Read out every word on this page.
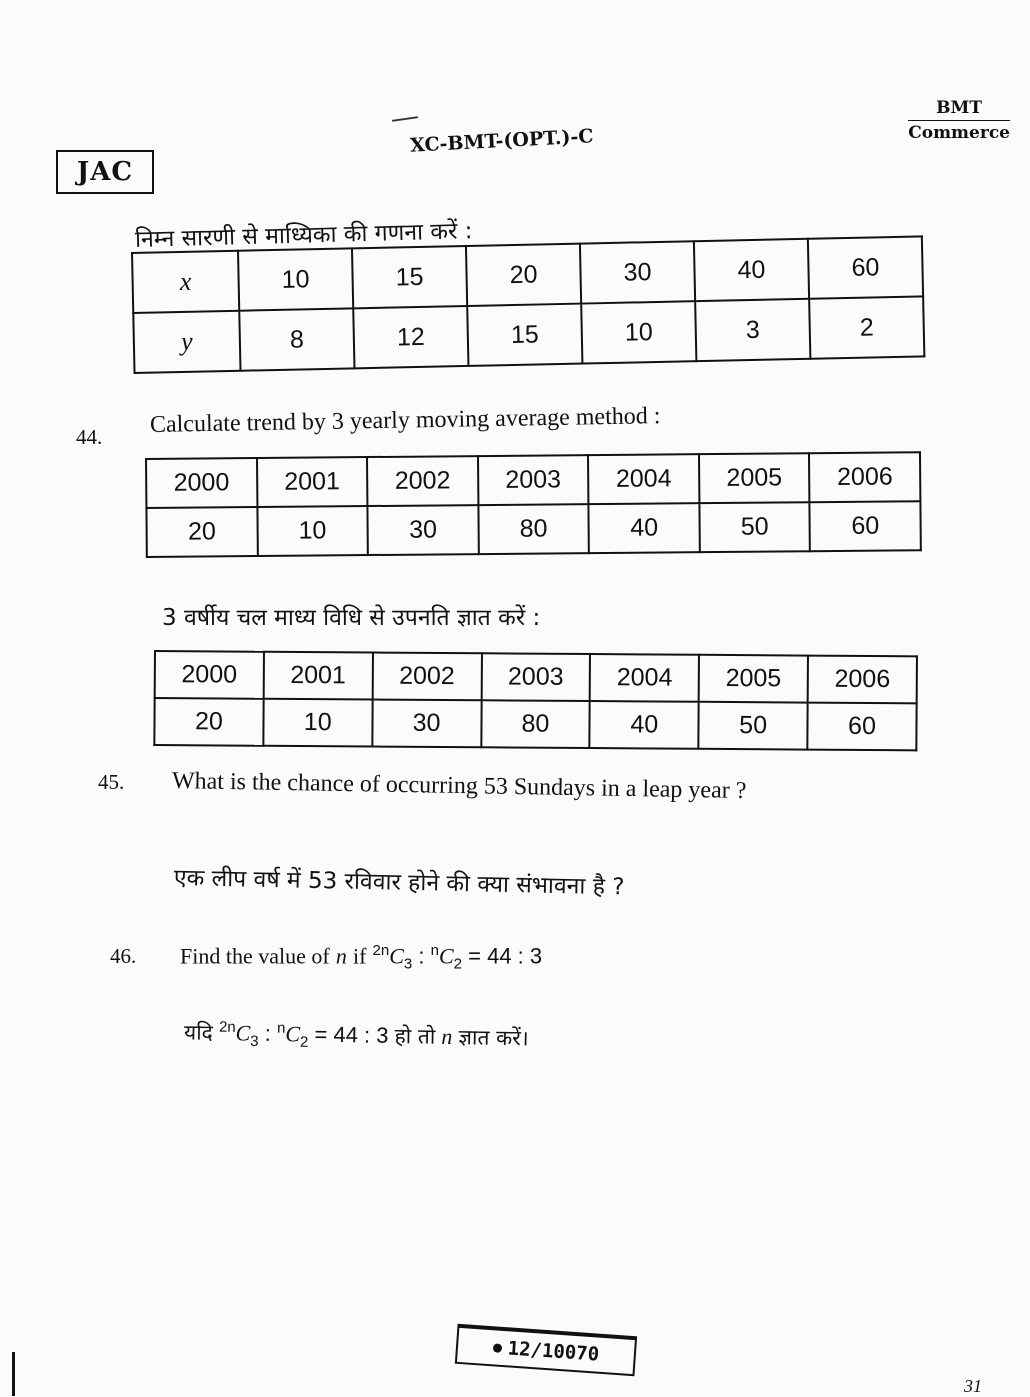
JAC
XC-BMT-(OPT.)-C
BMT
Commerce
निम्न सारणी से माध्यिका की गणना करें :
x	10	15	20	30	40	60
y	8	12	15	10	3	2
44. Calculate trend by 3 yearly moving average method :
2000	2001	2002	2003	2004	2005	2006
20	10	30	80	40	50	60
3 वर्षीय चल माध्य विधि से उपनति ज्ञात करें :
2000	2001	2002	2003	2004	2005	2006
20	10	30	80	40	50	60
45. What is the chance of occurring 53 Sundays in a leap year ?
एक लीप वर्ष में 53 रविवार होने की क्या संभावना है ?
46. Find the value of n if $^{2n}C_3$ : $^nC_2 = 44$ : 3
यदि $^{2n}C_3$ : $^nC_2 = 44$ : 3 हो तो n ज्ञात करें।
12/10070
31
